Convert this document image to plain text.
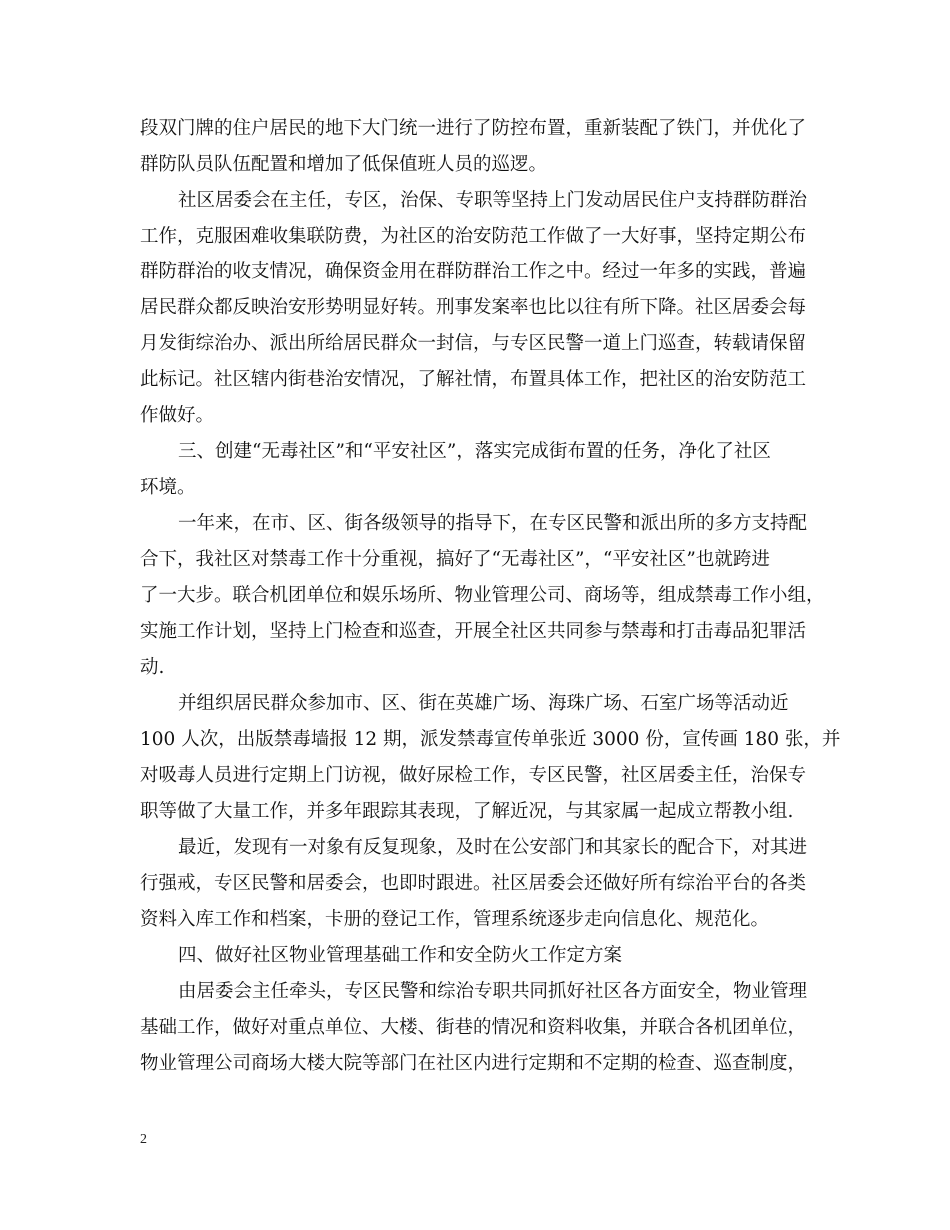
段双门牌的住户居民的地下大门统一进行了防控布置，重新装配了铁门，并优化了
群防队员队伍配置和增加了低保值班人员的巡逻。
社区居委会在主任，专区，治保、专职等坚持上门发动居民住户支持群防群治
工作，克服困难收集联防费，为社区的治安防范工作做了一大好事，坚持定期公布
群防群治的收支情况，确保资金用在群防群治工作之中。经过一年多的实践，普遍
居民群众都反映治安形势明显好转。刑事发案率也比以往有所下降。社区居委会每
月发街综治办、派出所给居民群众一封信，与专区民警一道上门巡查，转载请保留
此标记。社区辖内街巷治安情况，了解社情，布置具体工作，把社区的治安防范工
作做好。
三、创建“无毒社区”和“平安社区”，落实完成街布置的任务，净化了社区
环境。
一年来，在市、区、街各级领导的指导下，在专区民警和派出所的多方支持配
合下，我社区对禁毒工作十分重视，搞好了“无毒社区”，“平安社区”也就跨进
了一大步。联合机团单位和娱乐场所、物业管理公司、商场等，组成禁毒工作小组，
实施工作计划，坚持上门检查和巡查，开展全社区共同参与禁毒和打击毒品犯罪活
动.
并组织居民群众参加市、区、街在英雄广场、海珠广场、石室广场等活动近
100 人次，出版禁毒墙报 12 期，派发禁毒宣传单张近 3000 份，宣传画 180 张，并
对吸毒人员进行定期上门访视，做好尿检工作，专区民警，社区居委主任，治保专
职等做了大量工作，并多年跟踪其表现，了解近况，与其家属一起成立帮教小组.
最近，发现有一对象有反复现象，及时在公安部门和其家长的配合下，对其进
行强戒，专区民警和居委会，也即时跟进。社区居委会还做好所有综治平台的各类
资料入库工作和档案，卡册的登记工作，管理系统逐步走向信息化、规范化。
四、做好社区物业管理基础工作和安全防火工作定方案
由居委会主任牵头，专区民警和综治专职共同抓好社区各方面安全，物业管理
基础工作，做好对重点单位、大楼、街巷的情况和资料收集，并联合各机团单位，
物业管理公司商场大楼大院等部门在社区内进行定期和不定期的检查、巡查制度，
2
